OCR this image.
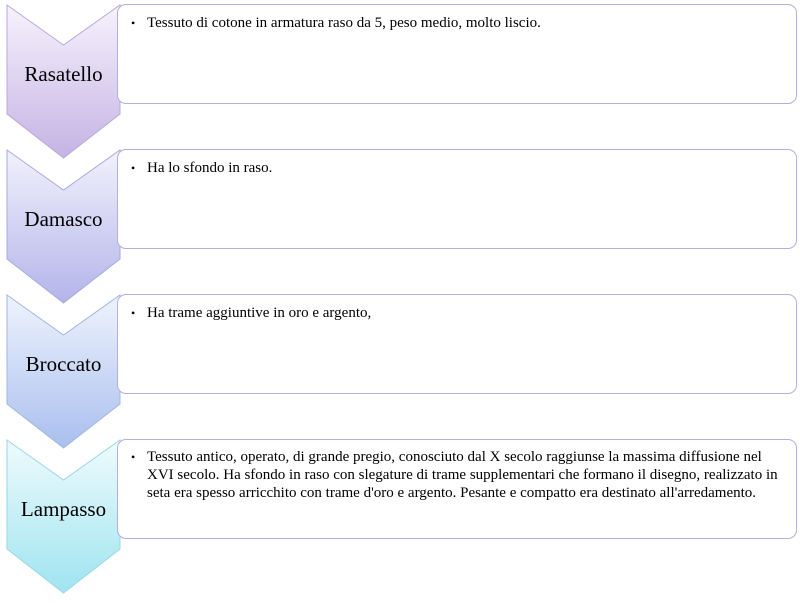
Rasatello
• Tessuto di cotone in armatura raso da 5, peso medio, molto liscio.
Damasco
• Ha lo sfondo in raso.
Broccato
• Ha trame aggiuntive in oro e argento,
Lampasso
• Tessuto antico, operato, di grande pregio, conosciuto dal X secolo raggiunse la massima diffusione nel XVI secolo. Ha sfondo in raso con slegature di trame supplementari che formano il disegno, realizzato in seta era spesso arricchito con trame d'oro e argento. Pesante e compatto era destinato all'arredamento.
